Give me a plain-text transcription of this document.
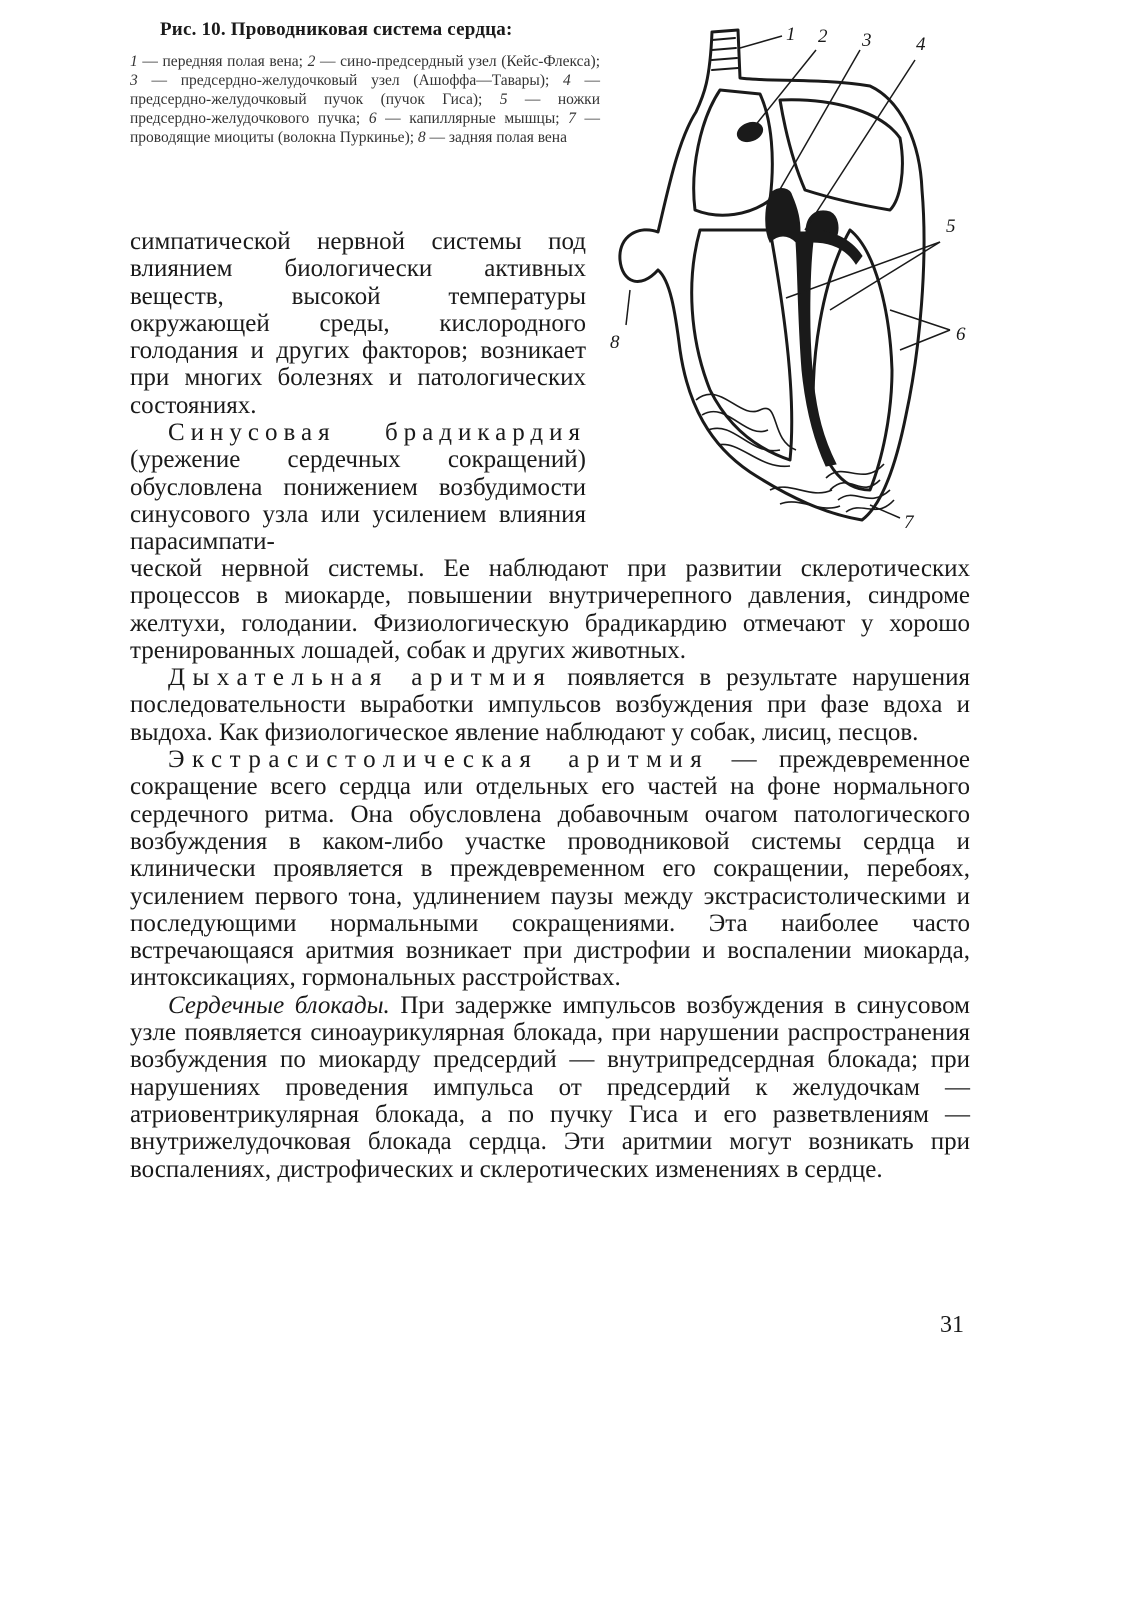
Рис. 10. Проводниковая система сердца:
1 — передняя полая вена; 2 — сино-предсердный узел (Кейс-Флекса); 3 — предсердно-желудочковый узел (Ашоффа—Тавары); 4 — предсердно-желудочковый пучок (пучок Гиса); 5 — ножки предсердно-желудочкового пучка; 6 — капиллярные мышцы; 7 — проводящие миоциты (волокна Пуркинье); 8 — задняя полая вена
1 2 3 4
5
6
7
8

симпатической нервной системы под влиянием биологически активных веществ, высокой температуры окружающей среды, кислородного голодания и других факторов; возникает при многих болезнях и патологических состояниях.

Синусовая брадикардия (урежение сердечных сокращений) обусловлена понижением возбудимости синусового узла или усилением влияния парасимпати-

ческой нервной системы. Ее наблюдают при развитии склеротических процессов в миокарде, повышении внутричерепного давления, синдроме желтухи, голодании. Физиологическую брадикардию отмечают у хорошо тренированных лошадей, собак и других животных.

Дыхательная аритмия появляется в результате нарушения последовательности выработки импульсов возбуждения при фазе вдоха и выдоха. Как физиологическое явление наблюдают у собак, лисиц, песцов.

Экстрасистолическая аритмия — преждевременное сокращение всего сердца или отдельных его частей на фоне нормального сердечного ритма. Она обусловлена добавочным очагом патологического возбуждения в каком-либо участке проводниковой системы сердца и клинически проявляется в преждевременном его сокращении, перебоях, усилением первого тона, удлинением паузы между экстрасистолическими и последующими нормальными сокращениями. Эта наиболее часто встречающаяся аритмия возникает при дистрофии и воспалении миокарда, интоксикациях, гормональных расстройствах.

Сердечные блокады. При задержке импульсов возбуждения в синусовом узле появляется синоаурикулярная блокада, при нарушении распространения возбуждения по миокарду предсердий — внутрипредсердная блокада; при нарушениях проведения импульса от предсердий к желудочкам — атриовентрикулярная блокада, а по пучку Гиса и его разветвлениям — внутрижелудочковая блокада сердца. Эти аритмии могут возникать при воспалениях, дистрофических и склеротических изменениях в сердце.

31
